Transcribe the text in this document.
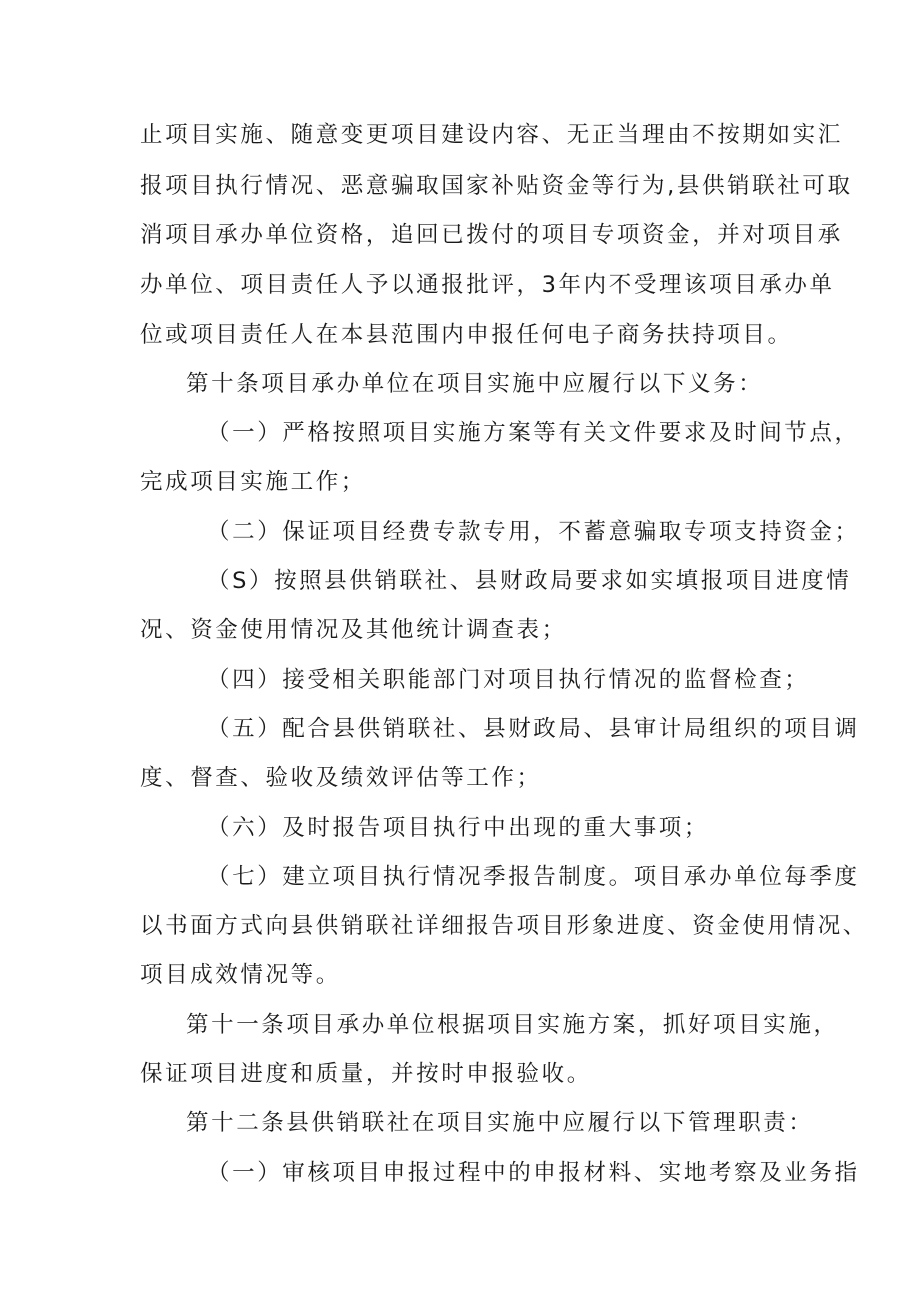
止项目实施、随意变更项目建设内容、无正当理由不按期如实汇

报项目执行情况、恶意骗取国家补贴资金等行为,县供销联社可取

消项目承办单位资格，追回已拨付的项目专项资金，并对项目承

办单位、项目责任人予以通报批评，3年内不受理该项目承办单

位或项目责任人在本县范围内申报任何电子商务扶持项目。

第十条项目承办单位在项目实施中应履行以下义务：

（一）严格按照项目实施方案等有关文件要求及时间节点，

完成项目实施工作；

（二）保证项目经费专款专用，不蓄意骗取专项支持资金；

（S）按照县供销联社、县财政局要求如实填报项目进度情

况、资金使用情况及其他统计调查表；

（四）接受相关职能部门对项目执行情况的监督检查；

（五）配合县供销联社、县财政局、县审计局组织的项目调

度、督查、验收及绩效评估等工作；

（六）及时报告项目执行中出现的重大事项；

（七）建立项目执行情况季报告制度。项目承办单位每季度

以书面方式向县供销联社详细报告项目形象进度、资金使用情况、

项目成效情况等。

第十一条项目承办单位根据项目实施方案，抓好项目实施，

保证项目进度和质量，并按时申报验收。

第十二条县供销联社在项目实施中应履行以下管理职责：

（一）审核项目申报过程中的申报材料、实地考察及业务指
